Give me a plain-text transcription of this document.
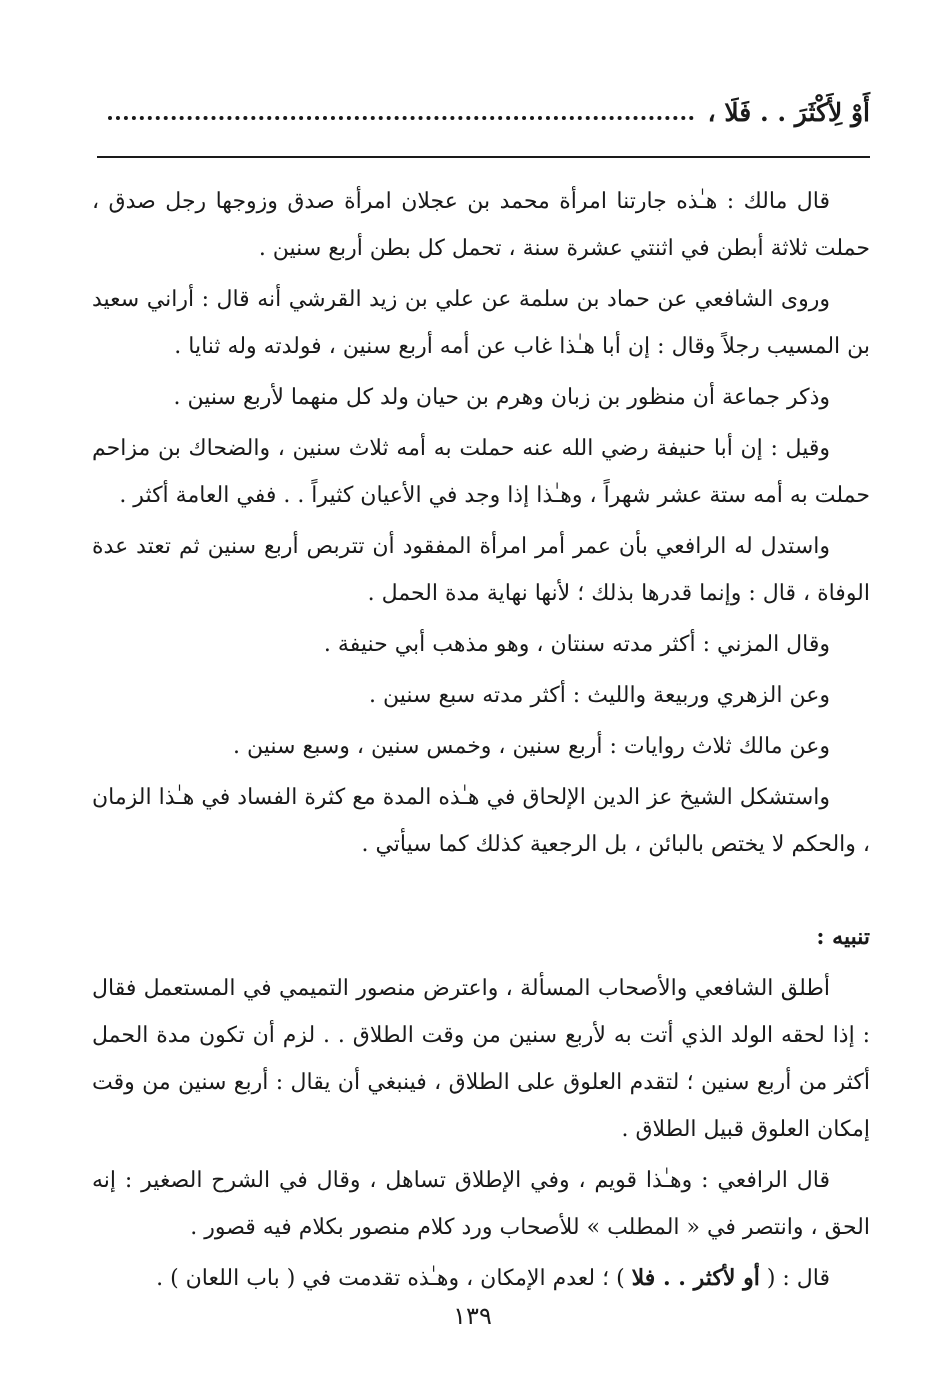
أَوْ لِأَكْثَرَ . . فَلَا ،

قال مالك : هـٰذه جارتنا امرأة محمد بن عجلان امرأة صدق وزوجها رجل صدق ، حملت ثلاثة أبطن في اثنتي عشرة سنة ، تحمل كل بطن أربع سنين .

وروى الشافعي عن حماد بن سلمة عن علي بن زيد القرشي أنه قال : أراني سعيد بن المسيب رجلاً وقال : إن أبا هـٰذا غاب عن أمه أربع سنين ، فولدته وله ثنايا .

وذكر جماعة أن منظور بن زبان وهرم بن حيان ولد كل منهما لأربع سنين .

وقيل : إن أبا حنيفة رضي الله عنه حملت به أمه ثلاث سنين ، والضحاك بن مزاحم حملت به أمه ستة عشر شهراً ، وهـٰذا إذا وجد في الأعيان كثيراً . . ففي العامة أكثر .

واستدل له الرافعي بأن عمر أمر امرأة المفقود أن تتربص أربع سنين ثم تعتد عدة الوفاة ، قال : وإنما قدرها بذلك ؛ لأنها نهاية مدة الحمل .

وقال المزني : أكثر مدته سنتان ، وهو مذهب أبي حنيفة .

وعن الزهري وربيعة والليث : أكثر مدته سبع سنين .

وعن مالك ثلاث روايات : أربع سنين ، وخمس سنين ، وسبع سنين .

واستشكل الشيخ عز الدين الإلحاق في هـٰذه المدة مع كثرة الفساد في هـٰذا الزمان ، والحكم لا يختص بالبائن ، بل الرجعية كذلك كما سيأتي .

تنبيه :

أطلق الشافعي والأصحاب المسألة ، واعترض منصور التميمي في المستعمل فقال : إذا لحقه الولد الذي أتت به لأربع سنين من وقت الطلاق . . لزم أن تكون مدة الحمل أكثر من أربع سنين ؛ لتقدم العلوق على الطلاق ، فينبغي أن يقال : أربع سنين من وقت إمكان العلوق قبيل الطلاق .

قال الرافعي : وهـٰذا قويم ، وفي الإطلاق تساهل ، وقال في الشرح الصغير : إنه الحق ، وانتصر في « المطلب » للأصحاب ورد كلام منصور بكلام فيه قصور .

قال : ( أو لأكثر . . فلا ) ؛ لعدم الإمكان ، وهـٰذه تقدمت في ( باب اللعان ) .

١٣٩
